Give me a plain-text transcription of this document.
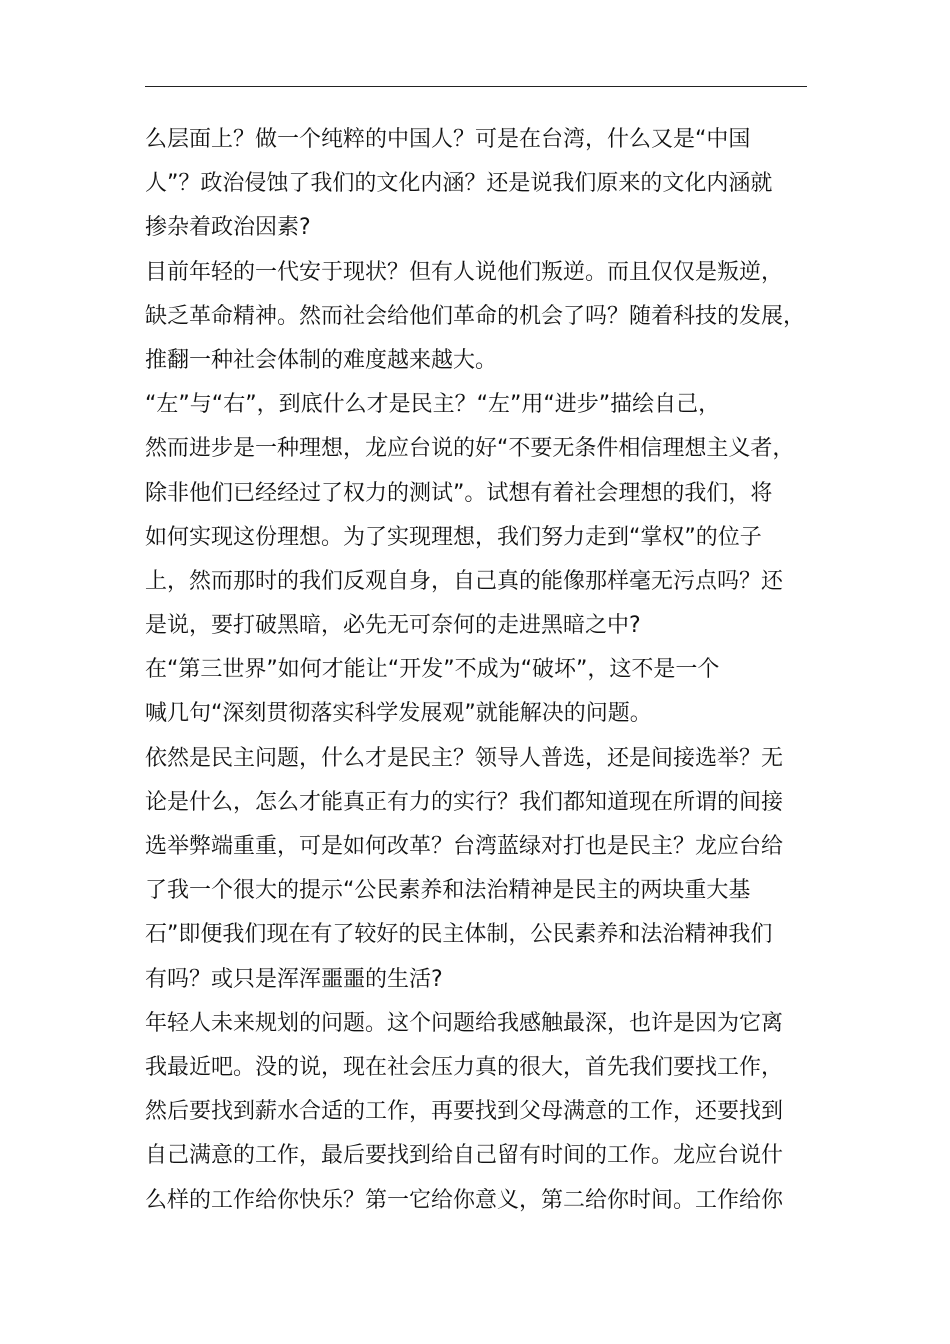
么层面上？做一个纯粹的中国人？可是在台湾，什么又是“中国
人”？政治侵蚀了我们的文化内涵？还是说我们原来的文化内涵就
掺杂着政治因素?
目前年轻的一代安于现状？但有人说他们叛逆。而且仅仅是叛逆，
缺乏革命精神。然而社会给他们革命的机会了吗？随着科技的发展，
推翻一种社会体制的难度越来越大。
“左”与“右”，到底什么才是民主？“左”用“进步”描绘自己，
然而进步是一种理想，龙应台说的好“不要无条件相信理想主义者，
除非他们已经经过了权力的测试”。试想有着社会理想的我们，将
如何实现这份理想。为了实现理想，我们努力走到“掌权”的位子
上，然而那时的我们反观自身，自己真的能像那样毫无污点吗？还
是说，要打破黑暗，必先无可奈何的走进黑暗之中?
在“第三世界”如何才能让“开发”不成为“破坏”，这不是一个
喊几句“深刻贯彻落实科学发展观”就能解决的问题。
依然是民主问题，什么才是民主？领导人普选，还是间接选举？无
论是什么，怎么才能真正有力的实行？我们都知道现在所谓的间接
选举弊端重重，可是如何改革？台湾蓝绿对打也是民主？龙应台给
了我一个很大的提示“公民素养和法治精神是民主的两块重大基
石”即便我们现在有了较好的民主体制，公民素养和法治精神我们
有吗？或只是浑浑噩噩的生活?
年轻人未来规划的问题。这个问题给我感触最深，也许是因为它离
我最近吧。没的说，现在社会压力真的很大，首先我们要找工作，
然后要找到薪水合适的工作，再要找到父母满意的工作，还要找到
自己满意的工作，最后要找到给自己留有时间的工作。龙应台说什
么样的工作给你快乐？第一它给你意义，第二给你时间。工作给你
